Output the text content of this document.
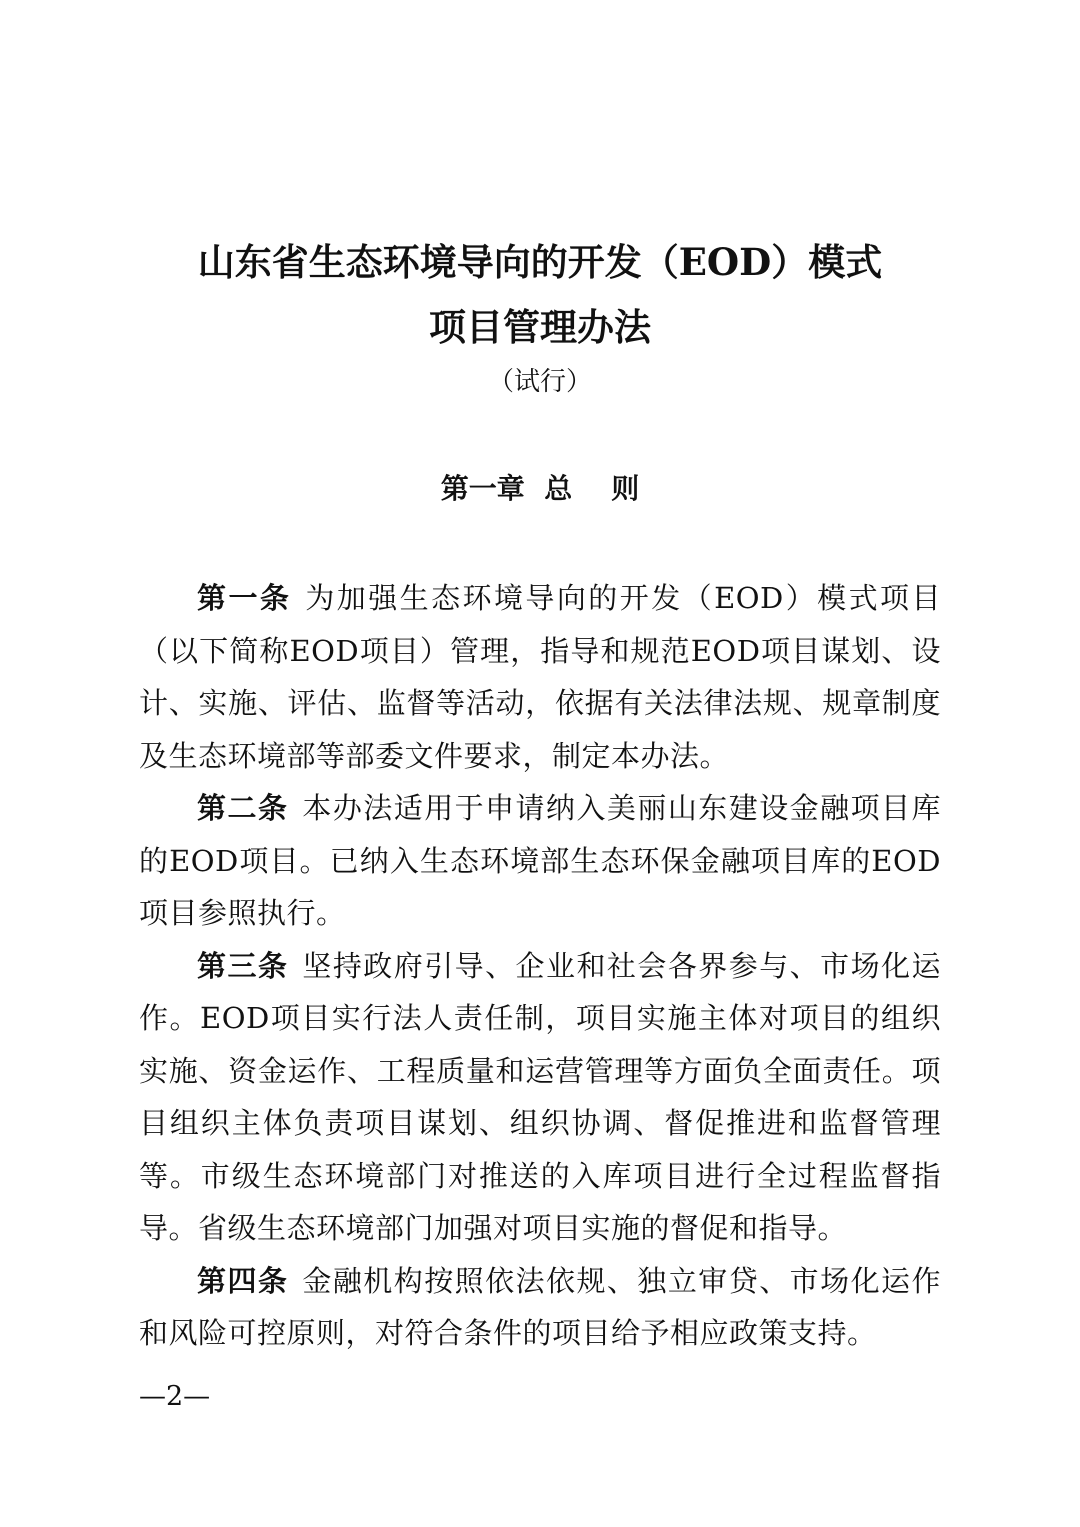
山东省生态环境导向的开发（EOD）模式
项目管理办法

（试行）

第一章  总    则

第一条 为加强生态环境导向的开发（EOD）模式项目（以下简称EOD项目）管理，指导和规范EOD项目谋划、设计、实施、评估、监督等活动，依据有关法律法规、规章制度及生态环境部等部委文件要求，制定本办法。

第二条 本办法适用于申请纳入美丽山东建设金融项目库的EOD项目。已纳入生态环境部生态环保金融项目库的EOD项目参照执行。

第三条 坚持政府引导、企业和社会各界参与、市场化运作。EOD项目实行法人责任制，项目实施主体对项目的组织实施、资金运作、工程质量和运营管理等方面负全面责任。项目组织主体负责项目谋划、组织协调、督促推进和监督管理等。市级生态环境部门对推送的入库项目进行全过程监督指导。省级生态环境部门加强对项目实施的督促和指导。

第四条 金融机构按照依法依规、独立审贷、市场化运作和风险可控原则，对符合条件的项目给予相应政策支持。

—2—
